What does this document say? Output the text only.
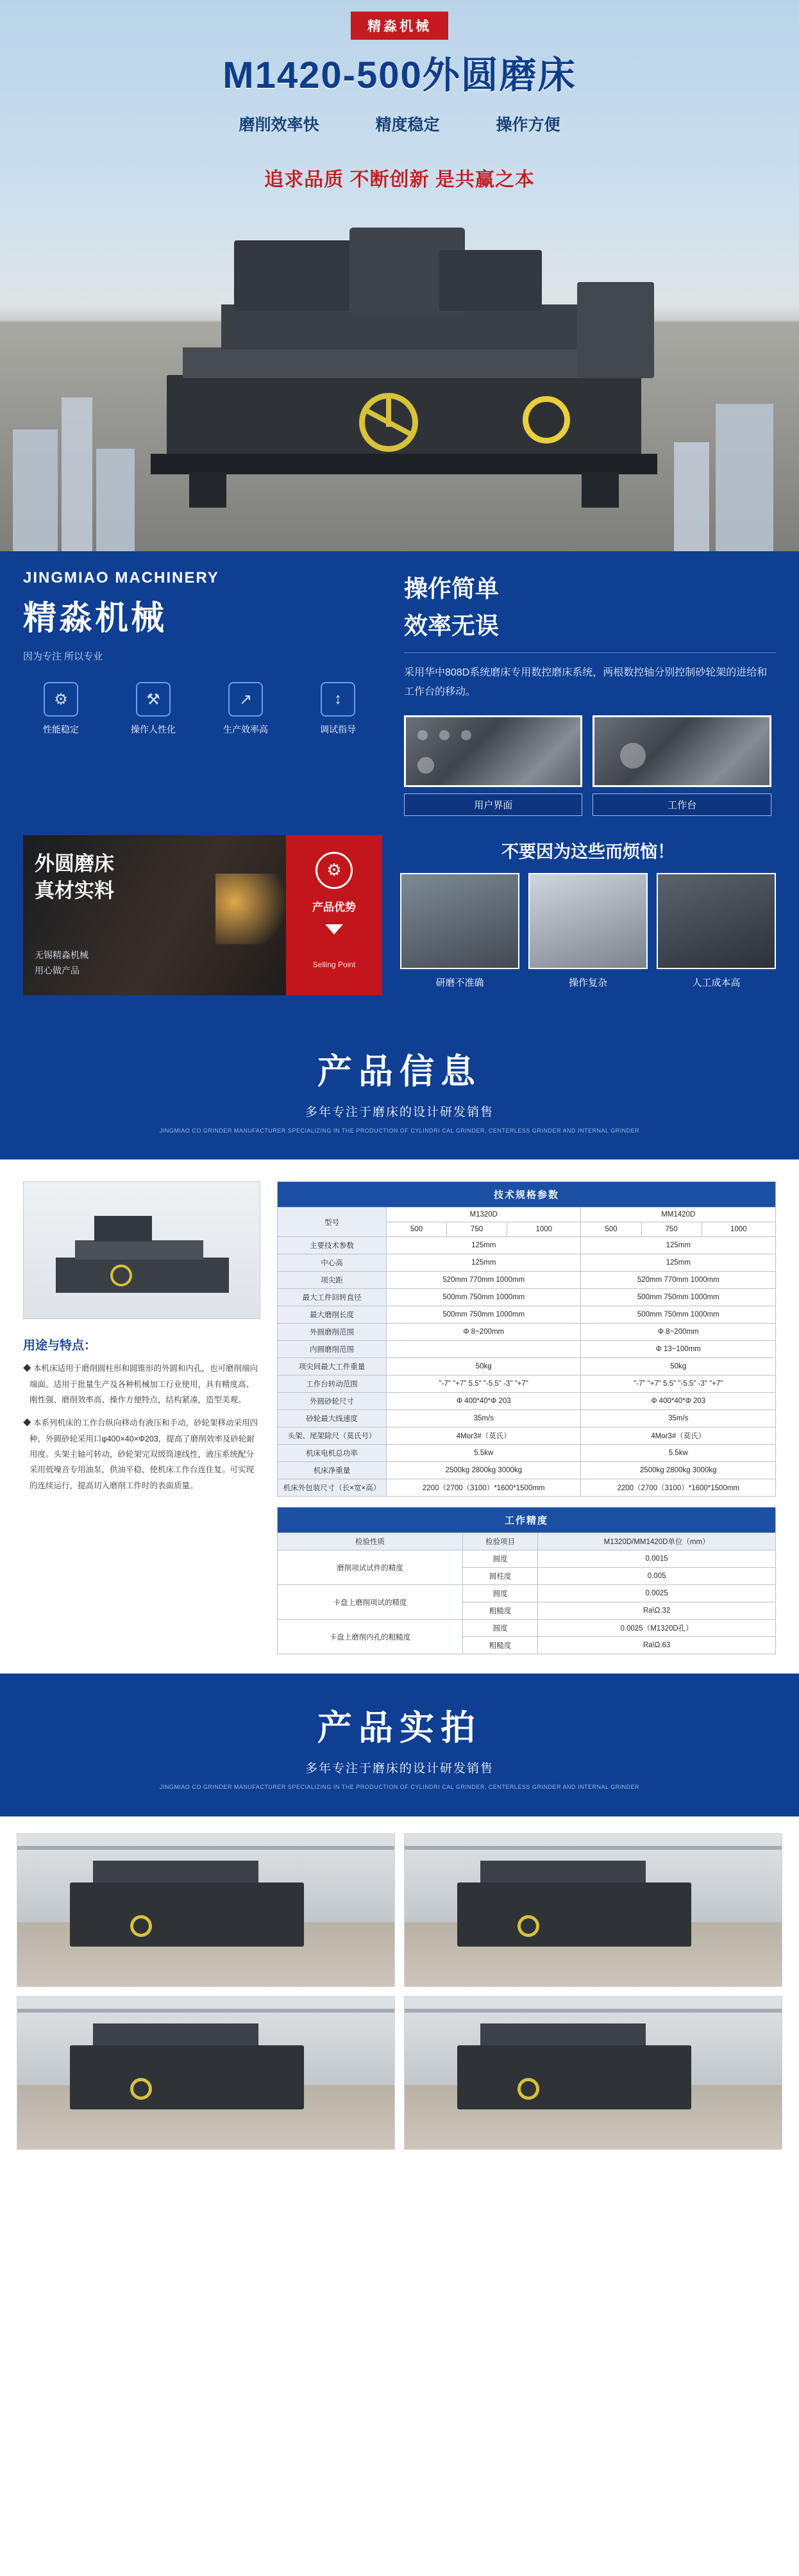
精淼机械
M1420-500外圆磨床
磨削效率快	精度稳定	操作方便
追求品质 不断创新 是共赢之本
JINGMIAO MACHINERY
精淼机械
因为专注 所以专业
⚙
性能稳定
⚒
操作人性化
↗
生产效率高
↕
调试指导
操作简单
效率无误
采用华中808D系统磨床专用数控磨床系统，两根数控轴分别控制砂轮架的进给和工作台的移动。
用户界面	工作台
外圆磨床
真材实料
无锡精淼机械
用心做产品
⚙
产品优势
Selling Point
不要因为这些而烦恼！
研磨不准确	操作复杂	人工成本高
产品信息
多年专注于磨床的设计研发销售
JINGMIAO CO GRINDER MANUFACTURER SPECIALIZING IN THE PRODUCTION OF CYLINDRI CAL GRINDER, CENTERLESS GRINDER AND INTERNAL GRINDER
用途与特点：
◆ 本机床适用于磨削圆柱形和圆锥形的外圆和内孔，也可磨削端向端面。适用于批量生产及各种机械加工行业使用，具有精度高、刚性强、磨削效率高、操作方便特点，结构紧凑，造型美观。
◆ 本系列机床的工作台纵向移动有液压和手动，砂轮架移动采用四种，外圆砂轮采用口φ400×40×Φ203，提高了磨削效率及砂轮耐用度。头架主轴可转动，砂轮架完双级筒速线性，液压系统配分采用低噪音专用油泵，供油平稳，使机床工作台连住复。可实现的连续运行，提高切入磨削工件时的表面质量。
技术规格参数						

型号	M1320D			MM1420D		
	500	750	1000	500	750	1000
主要技术参数	125mm			125mm		
中心高	125mm			125mm		
项尖距	520mm 770mm 1000mm			520mm 770mm 1000mm		
最大工件回转直径	500mm 750mm 1000mm			500mm 750mm 1000mm		
最大磨削长度	500mm 750mm 1000mm			500mm 750mm 1000mm		
外圆磨削范围	Φ 8~200mm			Φ 8~200mm		
内圆磨削范围				Φ 13~100mm		
项尖间最大工件重量	50kg			50kg		
工作台转动范围	"-7" "+7" 5.5" "-5.5" -3" "+7"			"-7" "+7" 5.5" "-5.5" -3" "+7"		
外圆砂轮尺寸	Φ 400*40*Φ 203			Φ 400*40*Φ 203		
砂轮最大线速度	35m/s			35m/s		
头架、尾架除尺（莫氏号）	4Mor3#（莫氏）			4Mor3#（莫氏）		
机床电机总功率	5.5kw			5.5kw		
机床净重量	2500kg 2800kg 3000kg			2500kg 2800kg 3000kg		
机床外包装尺寸（长×宽×高）	2200（2700（3100）*1600*1500mm			2200（2700（3100）*1600*1500mm		
工作精度		
检验性质	检验项目	M1320D/MM1420D单位（mm）
磨削项试试件的精度	圆度	0.0015
	圆柱度	0.005
卡盘上磨削项试的精度	圆度	0.0025
	粗糙度	Ra\Ω.32
卡盘上磨削内孔的粗糙度	圆度	0.0025（M1320D孔）
	粗糙度	Ra\Ω.63
产品实拍
多年专注于磨床的设计研发销售
JINGMIAO CO GRINDER MANUFACTURER SPECIALIZING IN THE PRODUCTION OF CYLINDRI CAL GRINDER, CENTERLESS GRINDER AND INTERNAL GRINDER
